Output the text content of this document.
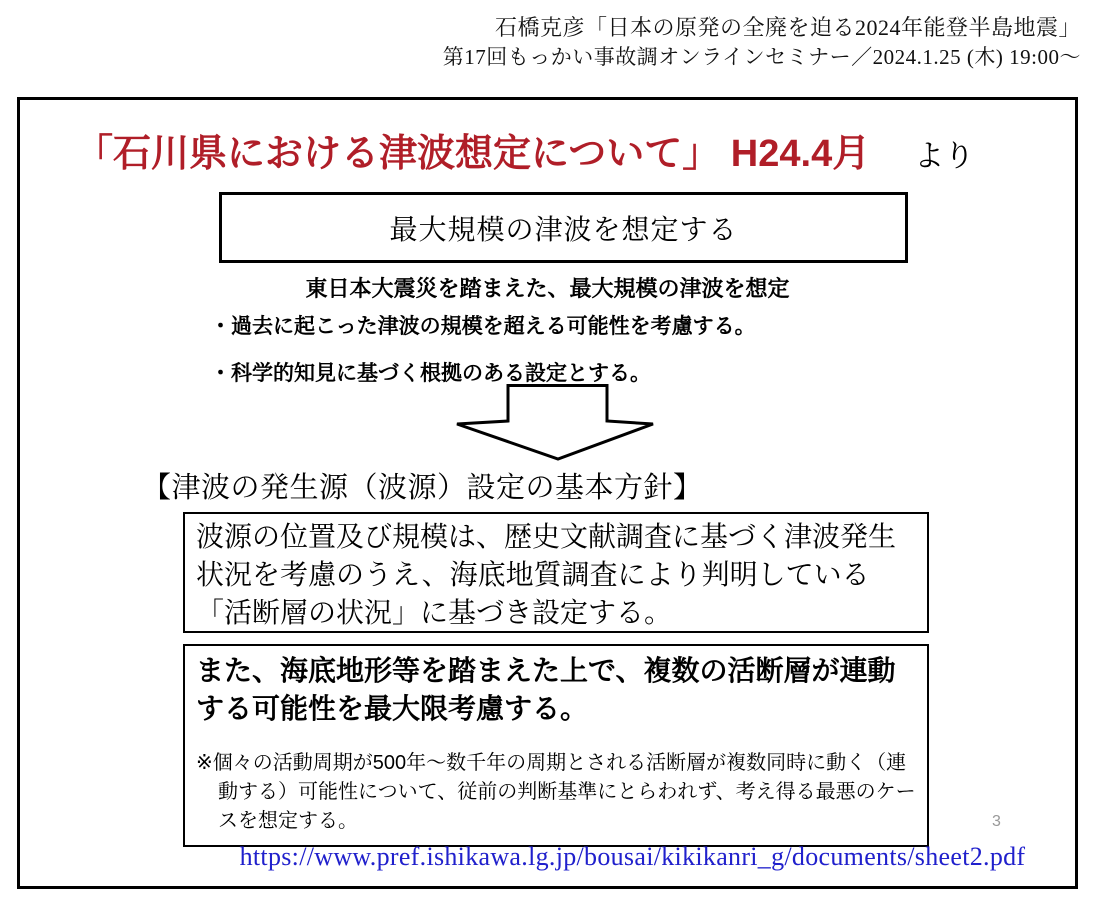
石橋克彦「日本の原発の全廃を迫る2024年能登半島地震」
第17回もっかい事故調オンラインセミナー／2024.1.25 (木) 19:00～
「石川県における津波想定について」 H24.4月 より
最大規模の津波を想定する
東日本大震災を踏まえた、最大規模の津波を想定
・過去に起こった津波の規模を超える可能性を考慮する。
・科学的知見に基づく根拠のある設定とする。
【津波の発生源（波源）設定の基本方針】
波源の位置及び規模は、歴史文献調査に基づく津波発生状況を考慮のうえ、海底地質調査により判明している「活断層の状況」に基づき設定する。
また、海底地形等を踏まえた上で、複数の活断層が連動する可能性を最大限考慮する。
※個々の活動周期が500年～数千年の周期とされる活断層が複数同時に動く（連動する）可能性について、従前の判断基準にとらわれず、考え得る最悪のケースを想定する。	3
https://www.pref.ishikawa.lg.jp/bousai/kikikanri_g/documents/sheet2.pdf
